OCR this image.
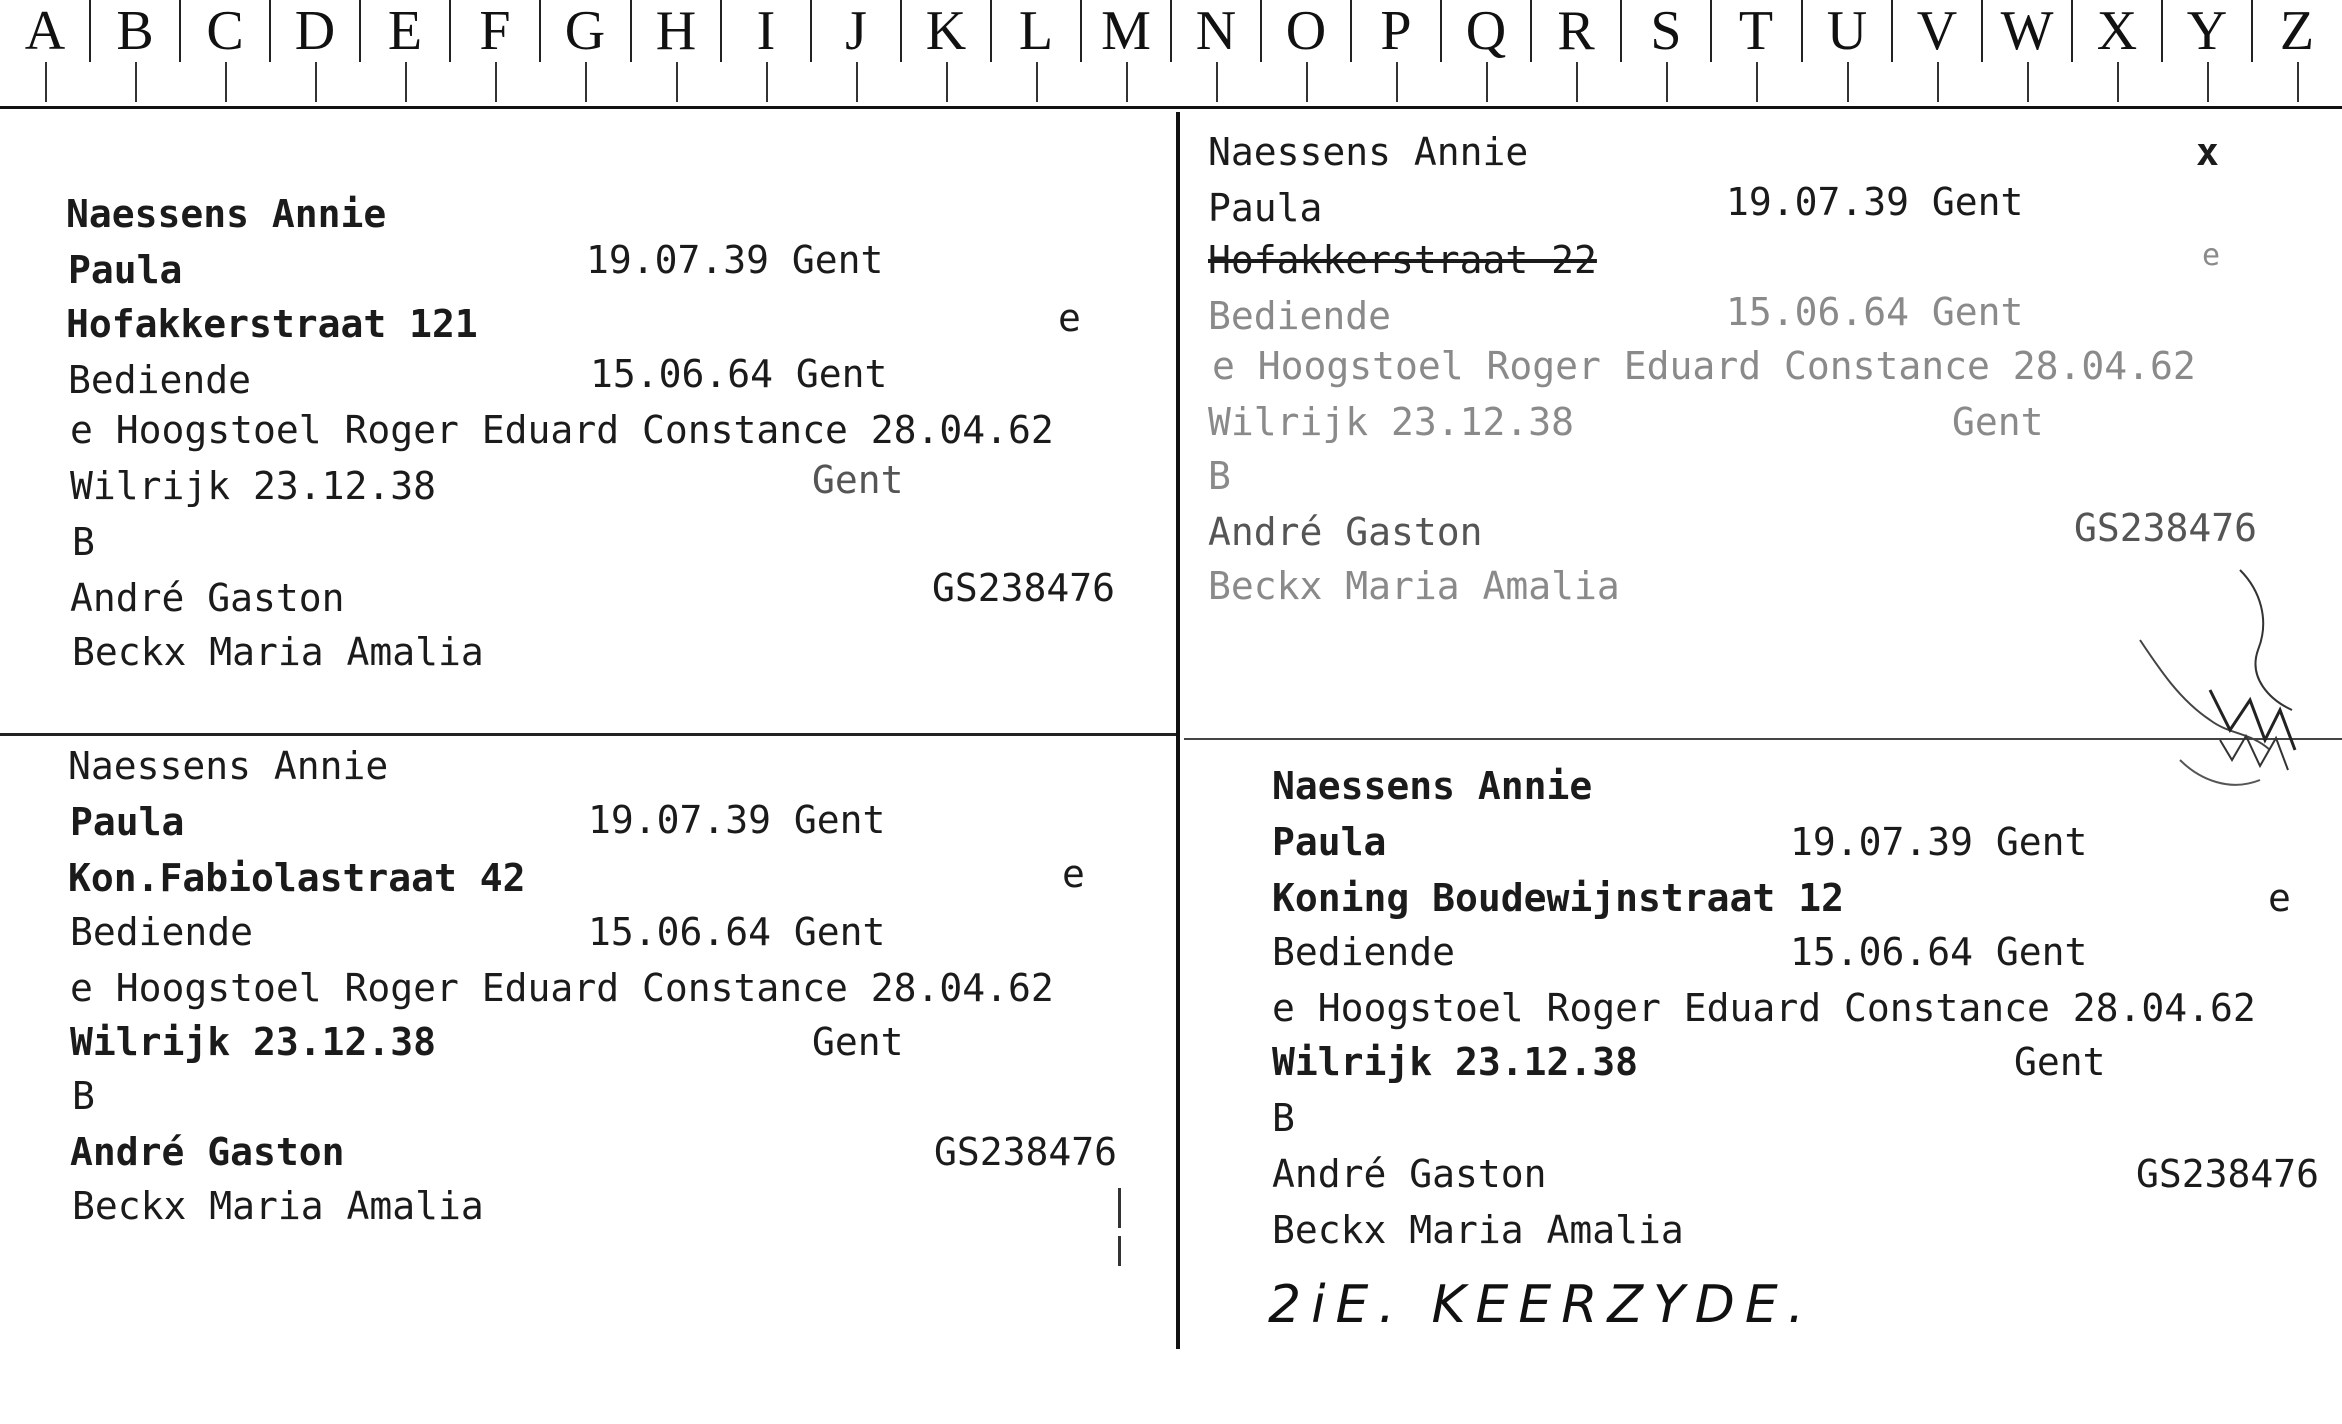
A B C D E	F G H	I	J	K L M N O P Q R S	T U V W X Y Z

Naessens Annie

Paula

	19.07.39 Gent

Hofakkerstraat 121

	e

Bediende

	15.06.64 Gent

e Hoogstoel Roger Eduard Constance 28.04.62

Wilrijk 23.12.38

	Gent

B

André Gaston

	GS238476

Beckx Maria Amalia

Naessens Annie

	x

Paula

	19.07.39 Gent

Hofakkerstraat 22

	e

Bediende

	15.06.64 Gent

e Hoogstoel Roger Eduard Constance 28.04.62

Wilrijk 23.12.38

	Gent

B

André Gaston

	GS238476

Beckx Maria Amalia

Naessens Annie

Paula

	19.07.39 Gent

Kon.Fabiolastraat 42

	e

Bediende

	15.06.64 Gent

e Hoogstoel Roger Eduard Constance 28.04.62

Wilrijk 23.12.38

	Gent

B

André Gaston

	GS238476

Beckx Maria Amalia

Naessens Annie

Paula

	19.07.39 Gent

Koning Boudewijnstraat 12

	e

Bediende

	15.06.64 Gent

e Hoogstoel Roger Eduard Constance 28.04.62

Wilrijk 23.12.38

	Gent

B

André Gaston

	GS238476

Beckx Maria Amalia

2iE. KEERZYDE.
